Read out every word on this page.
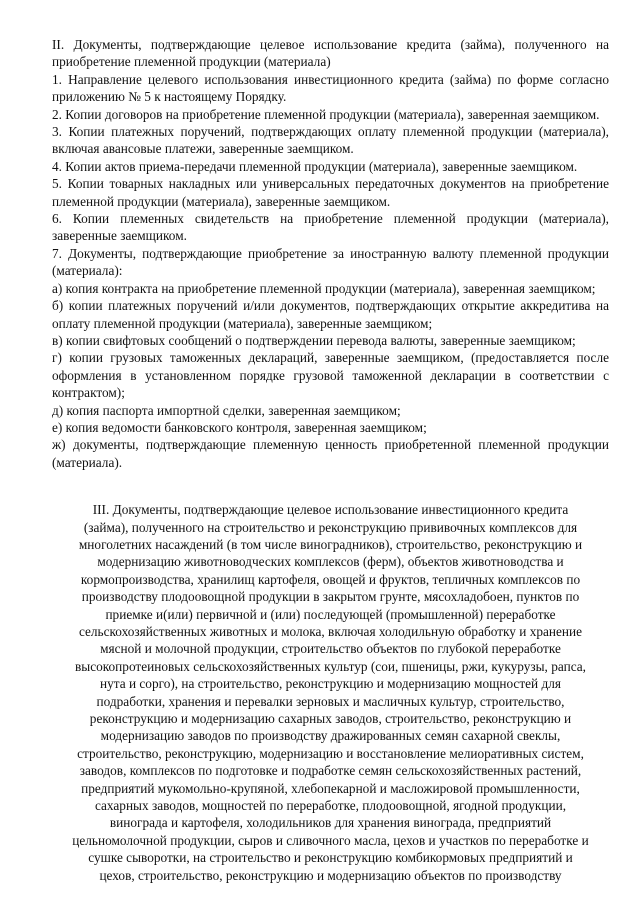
II. Документы, подтверждающие целевое использование кредита (займа), полученного на приобретение племенной продукции (материала)

1. Направление целевого использования инвестиционного кредита (займа) по форме согласно приложению № 5 к настоящему Порядку.

2. Копии договоров на приобретение племенной продукции (материала), заверенная заемщиком.

3. Копии платежных поручений, подтверждающих оплату племенной продукции (материала), включая авансовые платежи, заверенные заемщиком.

4. Копии актов приема-передачи племенной продукции (материала), заверенные заемщиком.

5. Копии товарных накладных или универсальных передаточных документов на приобретение племенной продукции (материала), заверенные заемщиком.

6. Копии племенных свидетельств на приобретение племенной продукции (материала), заверенные заемщиком.

7. Документы, подтверждающие приобретение за иностранную валюту племенной продукции (материала):

а) копия контракта на приобретение племенной продукции (материала), заверенная заемщиком;

б) копии платежных поручений и/или документов, подтверждающих открытие аккредитива на оплату племенной продукции (материала), заверенные заемщиком;

в) копии свифтовых сообщений о подтверждении перевода валюты, заверенные заемщиком;

г) копии грузовых таможенных деклараций, заверенные заемщиком, (предоставляется после оформления в установленном порядке грузовой таможенной декларации в соответствии с контрактом);

д) копия паспорта импортной сделки, заверенная заемщиком;

е) копия ведомости банковского контроля, заверенная заемщиком;

ж) документы, подтверждающие племенную ценность приобретенной племенной продукции (материала).

III. Документы, подтверждающие целевое использование инвестиционного кредита

(займа), полученного на строительство и реконструкцию прививочных комплексов для

многолетних насаждений (в том числе виноградников), строительство, реконструкцию и

модернизацию животноводческих комплексов (ферм), объектов животноводства и

кормопроизводства, хранилищ картофеля, овощей и фруктов, тепличных комплексов по

производству плодоовощной продукции в закрытом грунте, мясохладобоен, пунктов по

приемке и(или) первичной и (или) последующей (промышленной) переработке

сельскохозяйственных животных и молока, включая холодильную обработку и хранение

мясной и молочной продукции, строительство объектов по глубокой переработке

высокопротеиновых сельскохозяйственных культур (сои, пшеницы, ржи, кукурузы, рапса,

нута и сорго), на строительство, реконструкцию и модернизацию мощностей для

подработки, хранения и перевалки зерновых и масличных культур, строительство,

реконструкцию и модернизацию сахарных заводов, строительство, реконструкцию и

модернизацию заводов по производству дражированных семян сахарной свеклы,

строительство, реконструкцию, модернизацию и восстановление мелиоративных систем,

заводов, комплексов по подготовке и подработке семян сельскохозяйственных растений,

предприятий мукомольно-крупяной, хлебопекарной и масложировой промышленности,

сахарных заводов, мощностей по переработке, плодоовощной, ягодной продукции,

винограда и картофеля, холодильников для хранения винограда, предприятий

цельномолочной продукции, сыров и сливочного масла, цехов и участков по переработке и

сушке сыворотки, на строительство и реконструкцию комбикормовых предприятий и

цехов, строительство, реконструкцию и модернизацию объектов по производству
